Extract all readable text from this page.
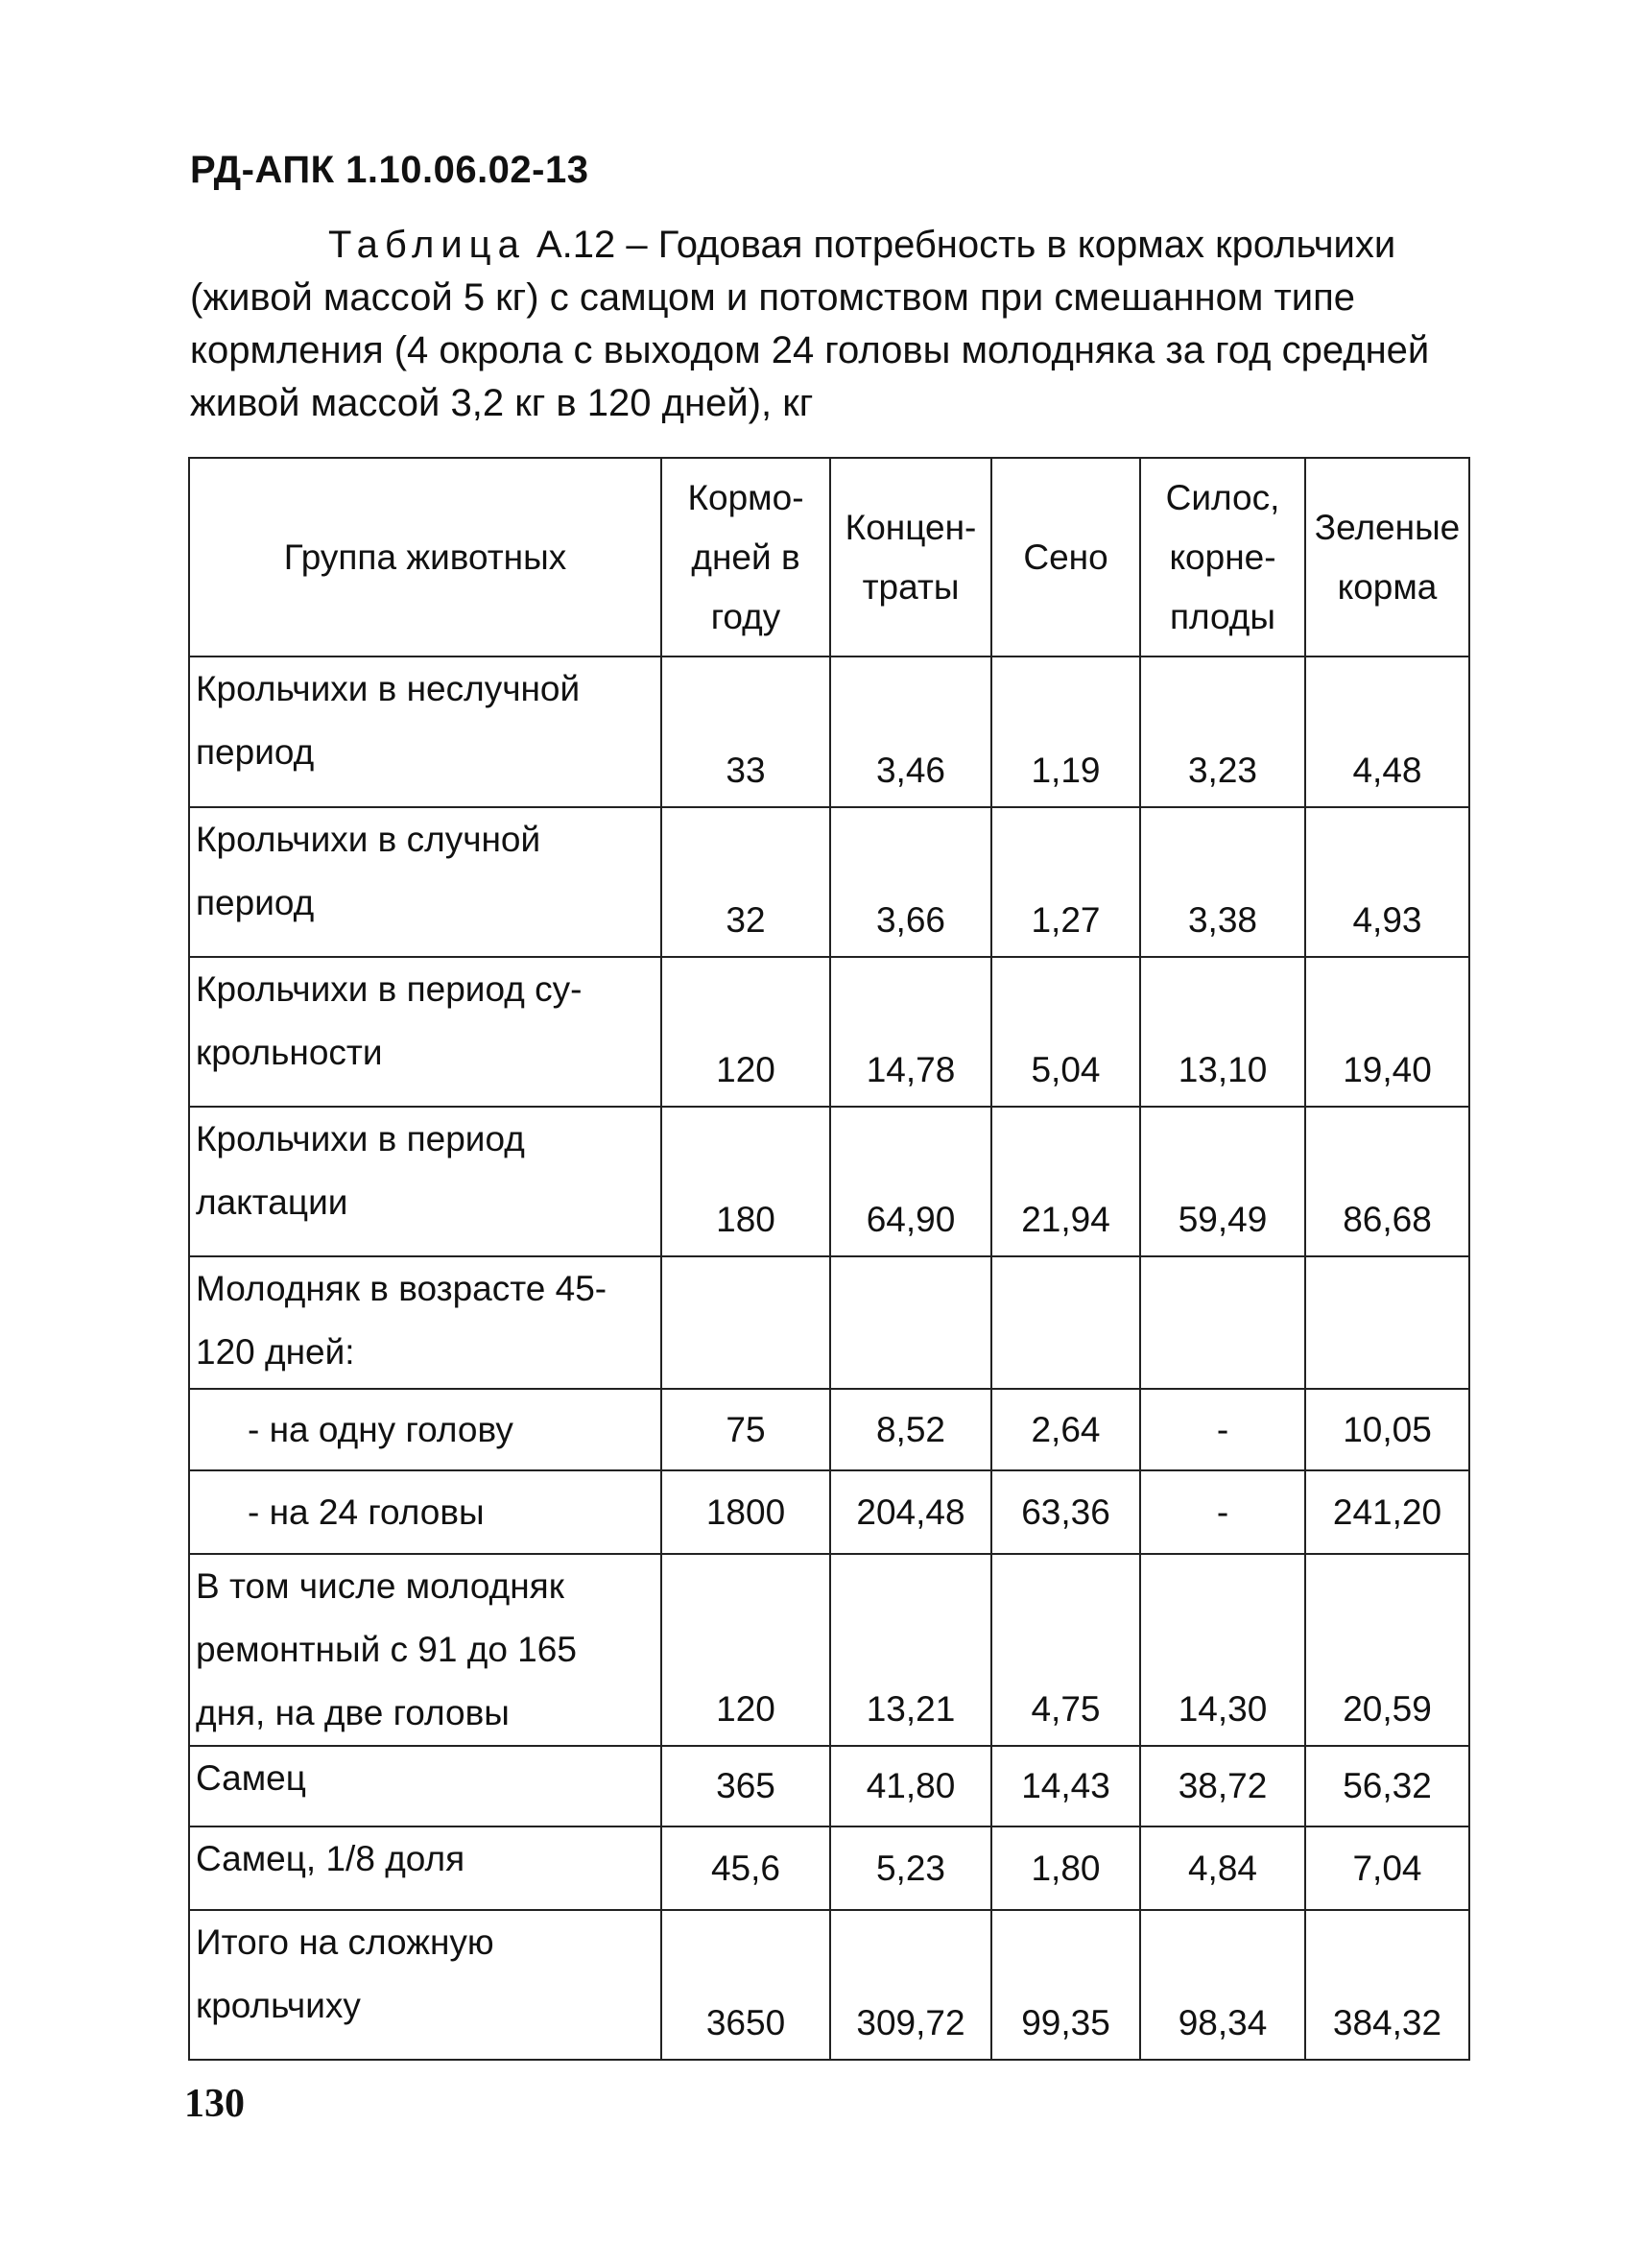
РД-АПК 1.10.06.02-13

Таблица А.12 – Годовая потребность в кормах крольчихи (живой массой 5 кг) с самцом и потомством при смешанном типе кормления (4 окрола с выходом 24 головы молодняка за год средней живой массой 3,2 кг в 120 дней), кг

Группа животных	Кормо-дней в году	Концен-траты	Сено	Силос, корне-плоды	Зеленые корма
Крольчихи в неслучной период	33	3,46	1,19	3,23	4,48
Крольчихи в случной период	32	3,66	1,27	3,38	4,93
Крольчихи в период су-крольности	120	14,78	5,04	13,10	19,40
Крольчихи в период лактации	180	64,90	21,94	59,49	86,68
Молодняк в возрасте 45-120 дней:					
- на одну голову	75	8,52	2,64	-	10,05
- на 24 головы	1800	204,48	63,36	-	241,20
В том числе молодняк ремонтный с 91 до 165 дня, на две головы	120	13,21	4,75	14,30	20,59
Самец	365	41,80	14,43	38,72	56,32
Самец, 1/8 доля	45,6	5,23	1,80	4,84	7,04
Итого на сложную крольчиху	3650	309,72	99,35	98,34	384,32

130
